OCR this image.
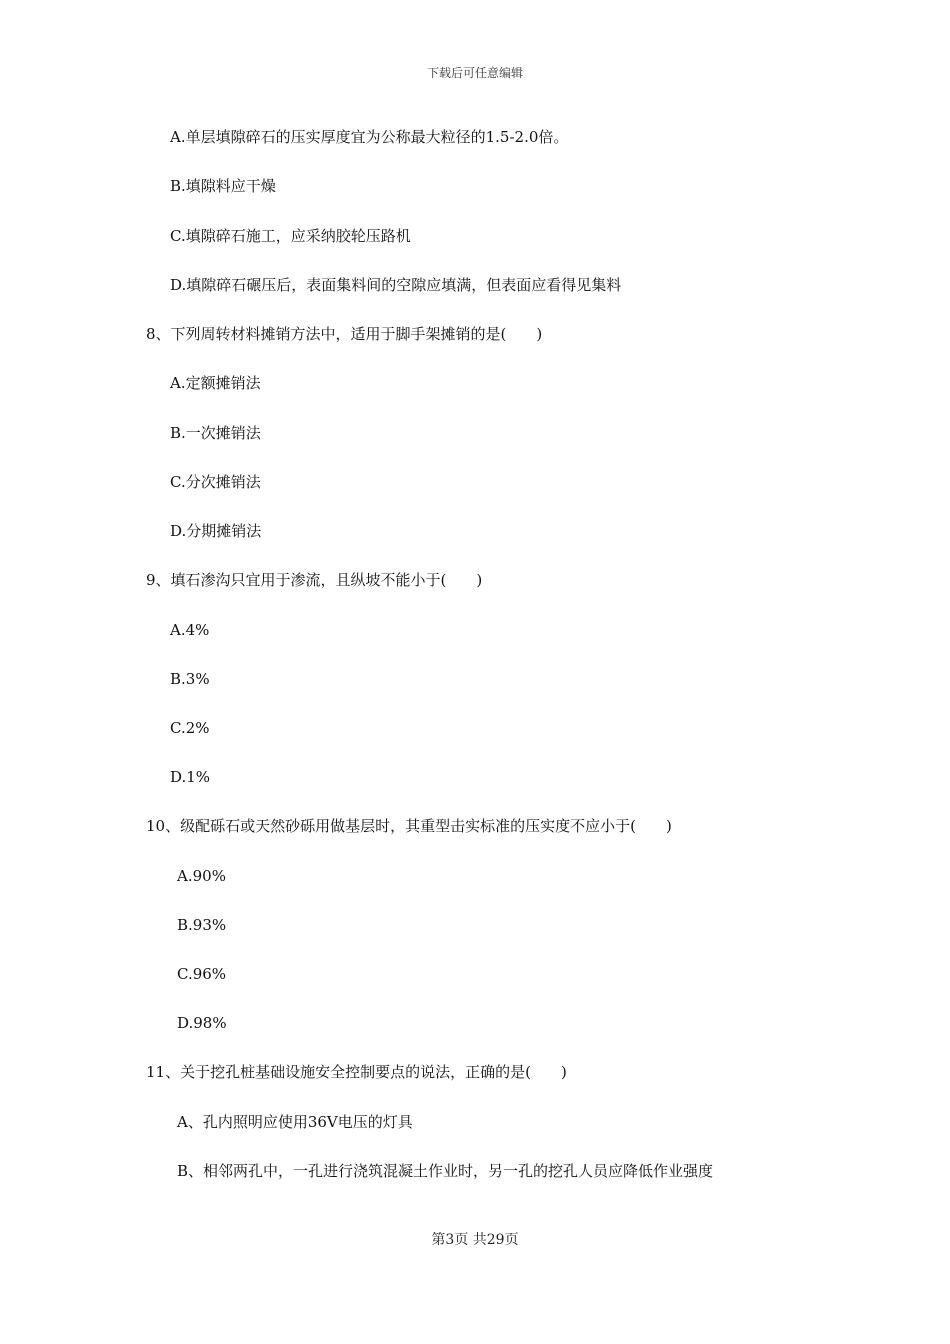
下载后可任意编辑
A.单层填隙碎石的压实厚度宜为公称最大粒径的1.5-2.0倍。
B.填隙料应干燥
C.填隙碎石施工，应采纳胶轮压路机
D.填隙碎石碾压后，表面集料间的空隙应填满，但表面应看得见集料
8、下列周转材料摊销方法中，适用于脚手架摊销的是(　　)
A.定额摊销法
B.一次摊销法
C.分次摊销法
D.分期摊销法
9、填石渗沟只宜用于渗流，且纵坡不能小于(　　)
A.4%
B.3%
C.2%
D.1%
10、级配砾石或天然砂砾用做基层时，其重型击实标准的压实度不应小于(　　)
A.90%
B.93%
C.96%
D.98%
11、关于挖孔桩基础设施安全控制要点的说法，正确的是(　　)
A、孔内照明应使用36V电压的灯具
B、相邻两孔中，一孔进行浇筑混凝土作业时，另一孔的挖孔人员应降低作业强度
第3页 共29页
